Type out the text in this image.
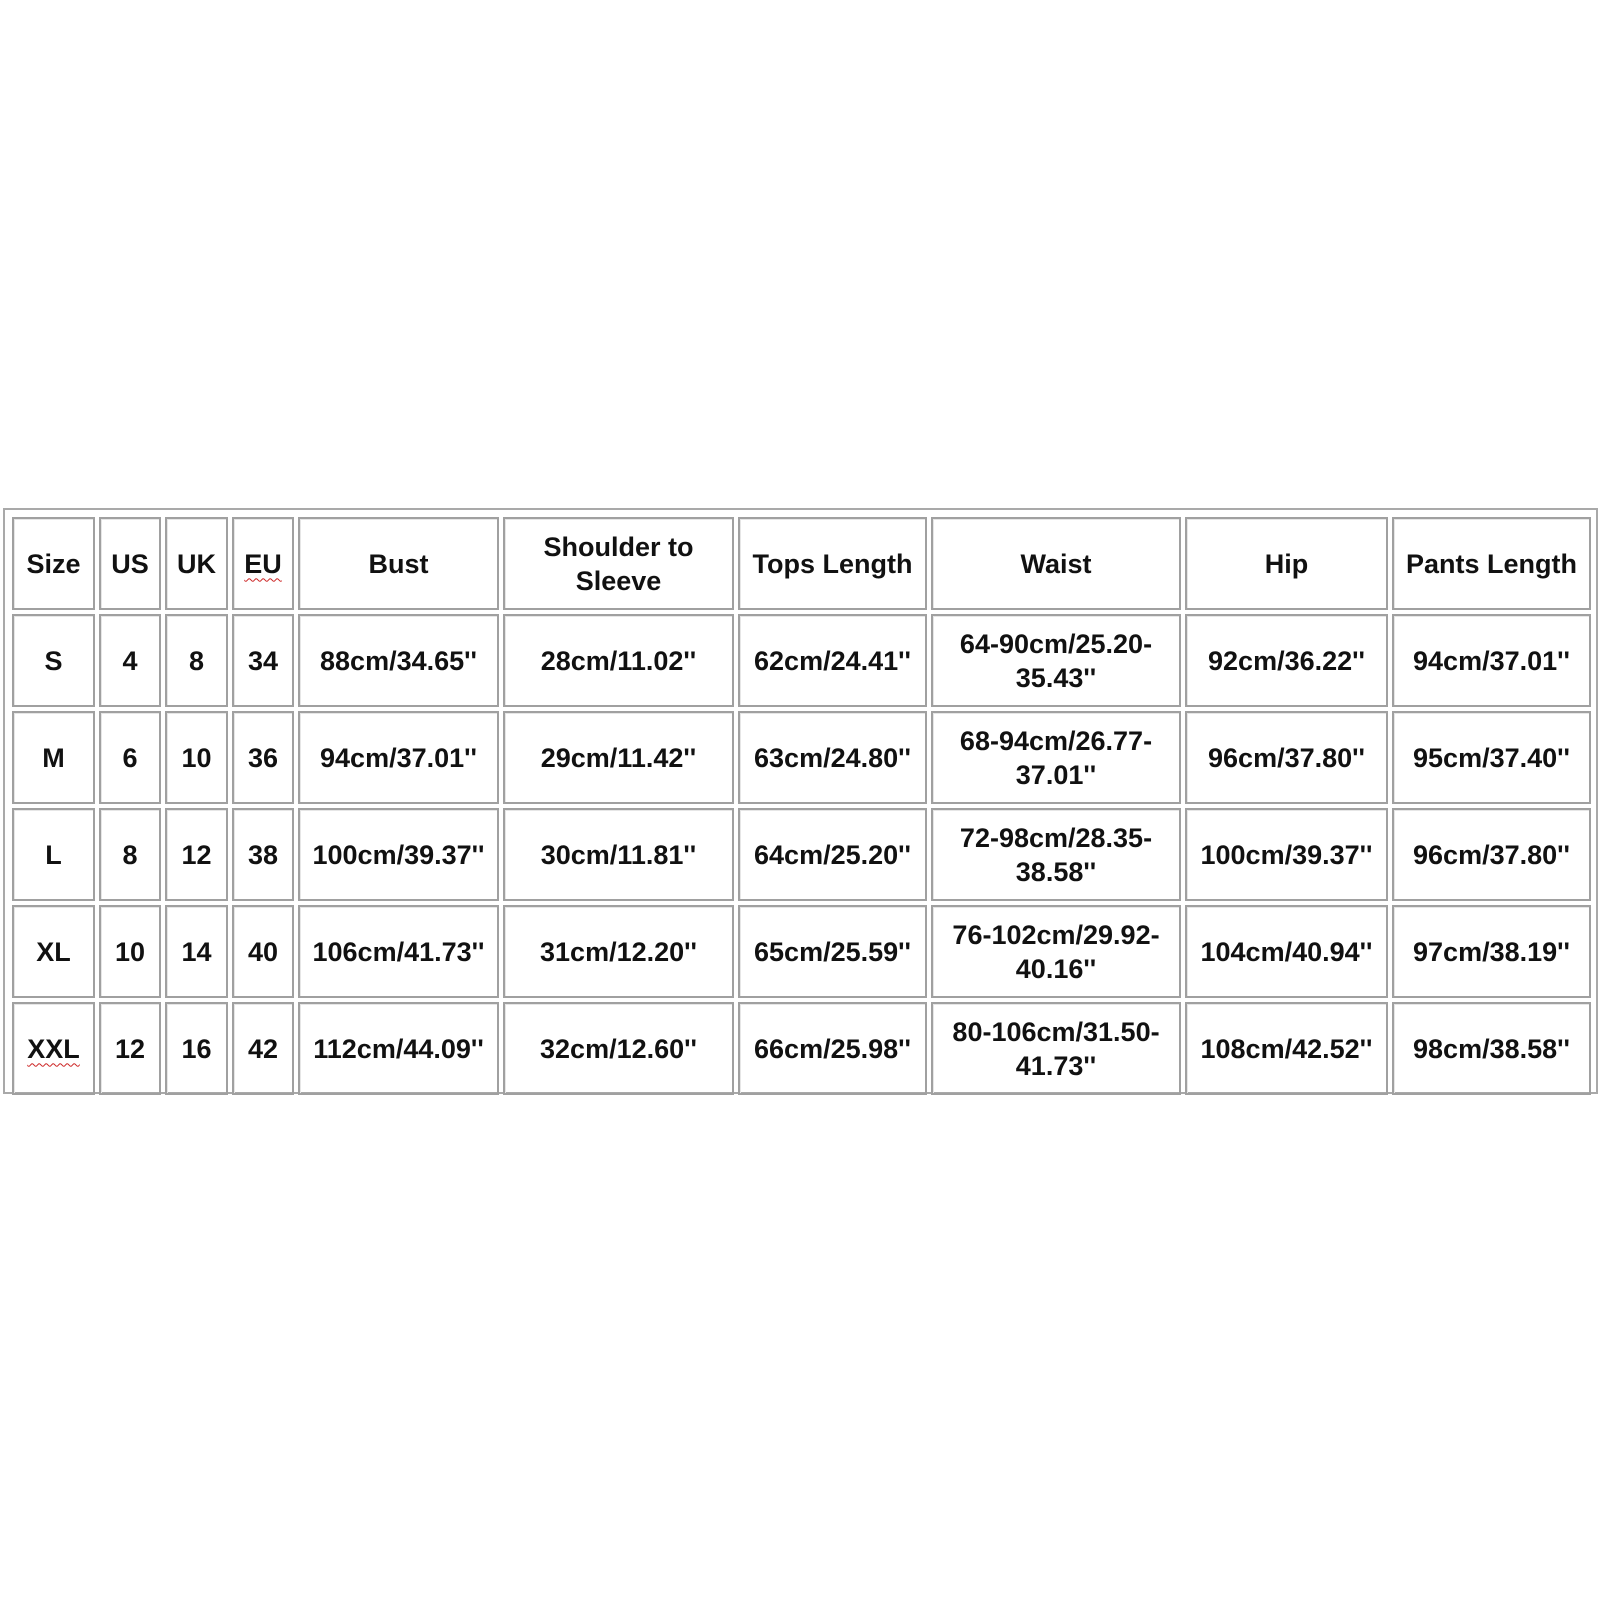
Size	US	UK	EU	Bust	Shoulder to Sleeve	Tops Length	Waist	Hip	Pants Length
S	4	8	34	88cm/34.65''	28cm/11.02''	62cm/24.41''	64-90cm/25.20-35.43''	92cm/36.22''	94cm/37.01''
M	6	10	36	94cm/37.01''	29cm/11.42''	63cm/24.80''	68-94cm/26.77-37.01''	96cm/37.80''	95cm/37.40''
L	8	12	38	100cm/39.37''	30cm/11.81''	64cm/25.20''	72-98cm/28.35-38.58''	100cm/39.37''	96cm/37.80''
XL	10	14	40	106cm/41.73''	31cm/12.20''	65cm/25.59''	76-102cm/29.92-40.16''	104cm/40.94''	97cm/38.19''
XXL	12	16	42	112cm/44.09''	32cm/12.60''	66cm/25.98''	80-106cm/31.50-41.73''	108cm/42.52''	98cm/38.58''
